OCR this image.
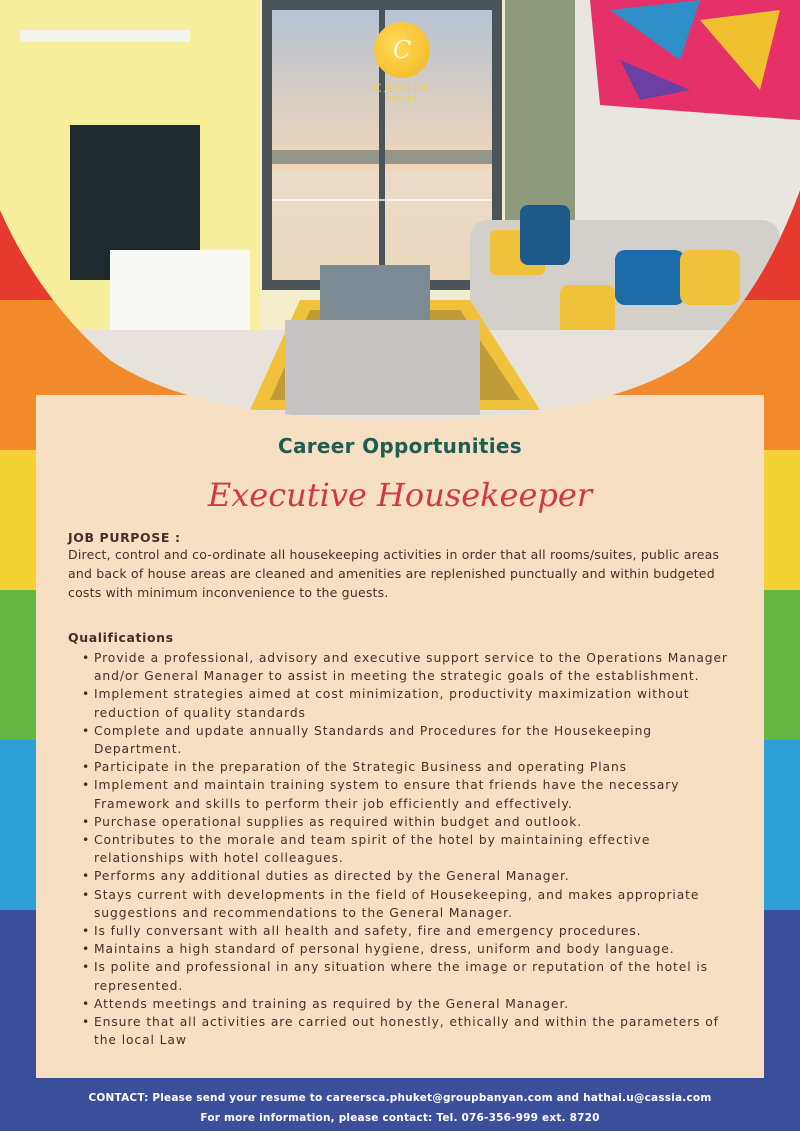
C
CASSIA
PHUKET
Career Opportunities
Executive Housekeeper
JOB PURPOSE :
Direct, control and co-ordinate all housekeeping activities in order that all rooms/suites, public areas and back of house areas are cleaned and amenities are replenished punctually and within budgeted costs with minimum inconvenience to the guests.
Qualifications
• Provide a professional, advisory and executive support service to the Operations Manager and/or General Manager to assist in meeting the strategic goals of the establishment.
• Implement strategies aimed at cost minimization, productivity maximization without reduction of quality standards
• Complete and update annually Standards and Procedures for the Housekeeping Department.
• Participate in the preparation of the Strategic Business and operating Plans
• Implement and maintain training system to ensure that friends have the necessary Framework and skills to perform their job efficiently and effectively.
• Purchase operational supplies as required within budget and outlook.
• Contributes to the morale and team spirit of the hotel by maintaining effective relationships with hotel colleagues.
• Performs any additional duties as directed by the General Manager.
• Stays current with developments in the field of Housekeeping, and makes appropriate suggestions and recommendations to the General Manager.
• Is fully conversant with all health and safety, fire and emergency procedures.
• Maintains a high standard of personal hygiene, dress, uniform and body language.
• Is polite and professional in any situation where the image or reputation of the hotel is represented.
• Attends meetings and training as required by the General Manager.
• Ensure that all activities are carried out honestly, ethically and within the parameters of the local Law
CONTACT: Please send your resume to careersca.phuket@groupbanyan.com and hathai.u@cassia.com
For more information, please contact: Tel. 076-356-999 ext. 8720
